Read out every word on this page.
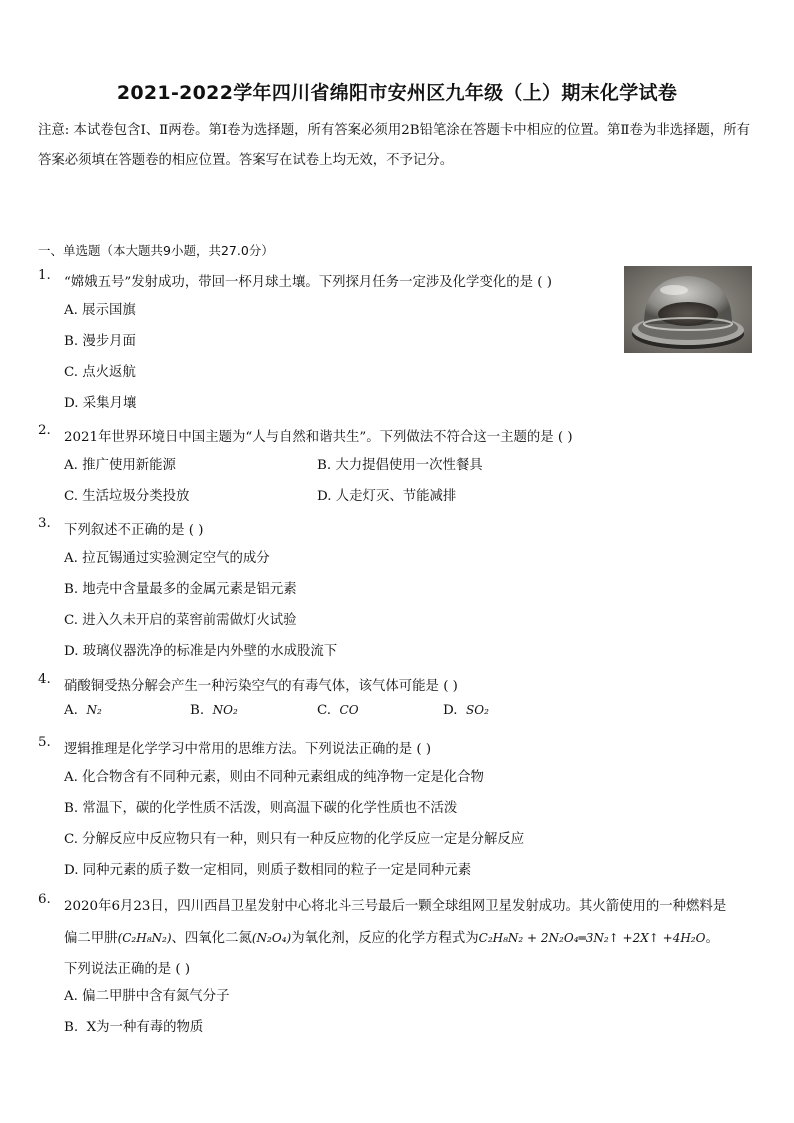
2021-2022学年四川省绵阳市安州区九年级（上）期末化学试卷
注意: 本试卷包含Ⅰ、Ⅱ两卷。第Ⅰ卷为选择题，所有答案必须用2B铅笔涂在答题卡中相应的位置。第Ⅱ卷为非选择题，所有答案必须填在答题卷的相应位置。答案写在试卷上均无效，不予记分。
一、单选题（本大题共9小题，共27.0分）
1. “嫦娥五号”发射成功，带回一杯月球土壤。下列探月任务一定涉及化学变化的是 ( )
A. 展示国旗
B. 漫步月面
C. 点火返航
D. 采集月壤
2. 2021年世界环境日中国主题为“人与自然和谐共生”。下列做法不符合这一主题的是 ( )
A. 推广使用新能源	B. 大力提倡使用一次性餐具
C. 生活垃圾分类投放	D. 人走灯灭、节能减排
3. 下列叙述不正确的是 ( )
A. 拉瓦锡通过实验测定空气的成分
B. 地壳中含量最多的金属元素是铝元素
C. 进入久未开启的菜窖前需做灯火试验
D. 玻璃仪器洗净的标准是内外壁的水成股流下
4. 硝酸铜受热分解会产生一种污染空气的有毒气体，该气体可能是 ( )
A. N₂	B. NO₂	C. CO	D. SO₂
5. 逻辑推理是化学学习中常用的思维方法。下列说法正确的是 ( )
A. 化合物含有不同种元素，则由不同种元素组成的纯净物一定是化合物
B. 常温下，碳的化学性质不活泼，则高温下碳的化学性质也不活泼
C. 分解反应中反应物只有一种，则只有一种反应物的化学反应一定是分解反应
D. 同种元素的质子数一定相同，则质子数相同的粒子一定是同种元素
6. 2020年6月23日，四川西昌卫星发射中心将北斗三号最后一颗全球组网卫星发射成功。其火箭使用的一种燃料是
偏二甲肼(C₂H₈N₂)、四氧化二氮(N₂O₄)为氧化剂，反应的化学方程式为C₂H₈N₂ + 2N₂O₄═3N₂↑ +2X↑ +4H₂O。
下列说法正确的是 ( )
A. 偏二甲肼中含有氮气分子
B. X为一种有毒的物质
